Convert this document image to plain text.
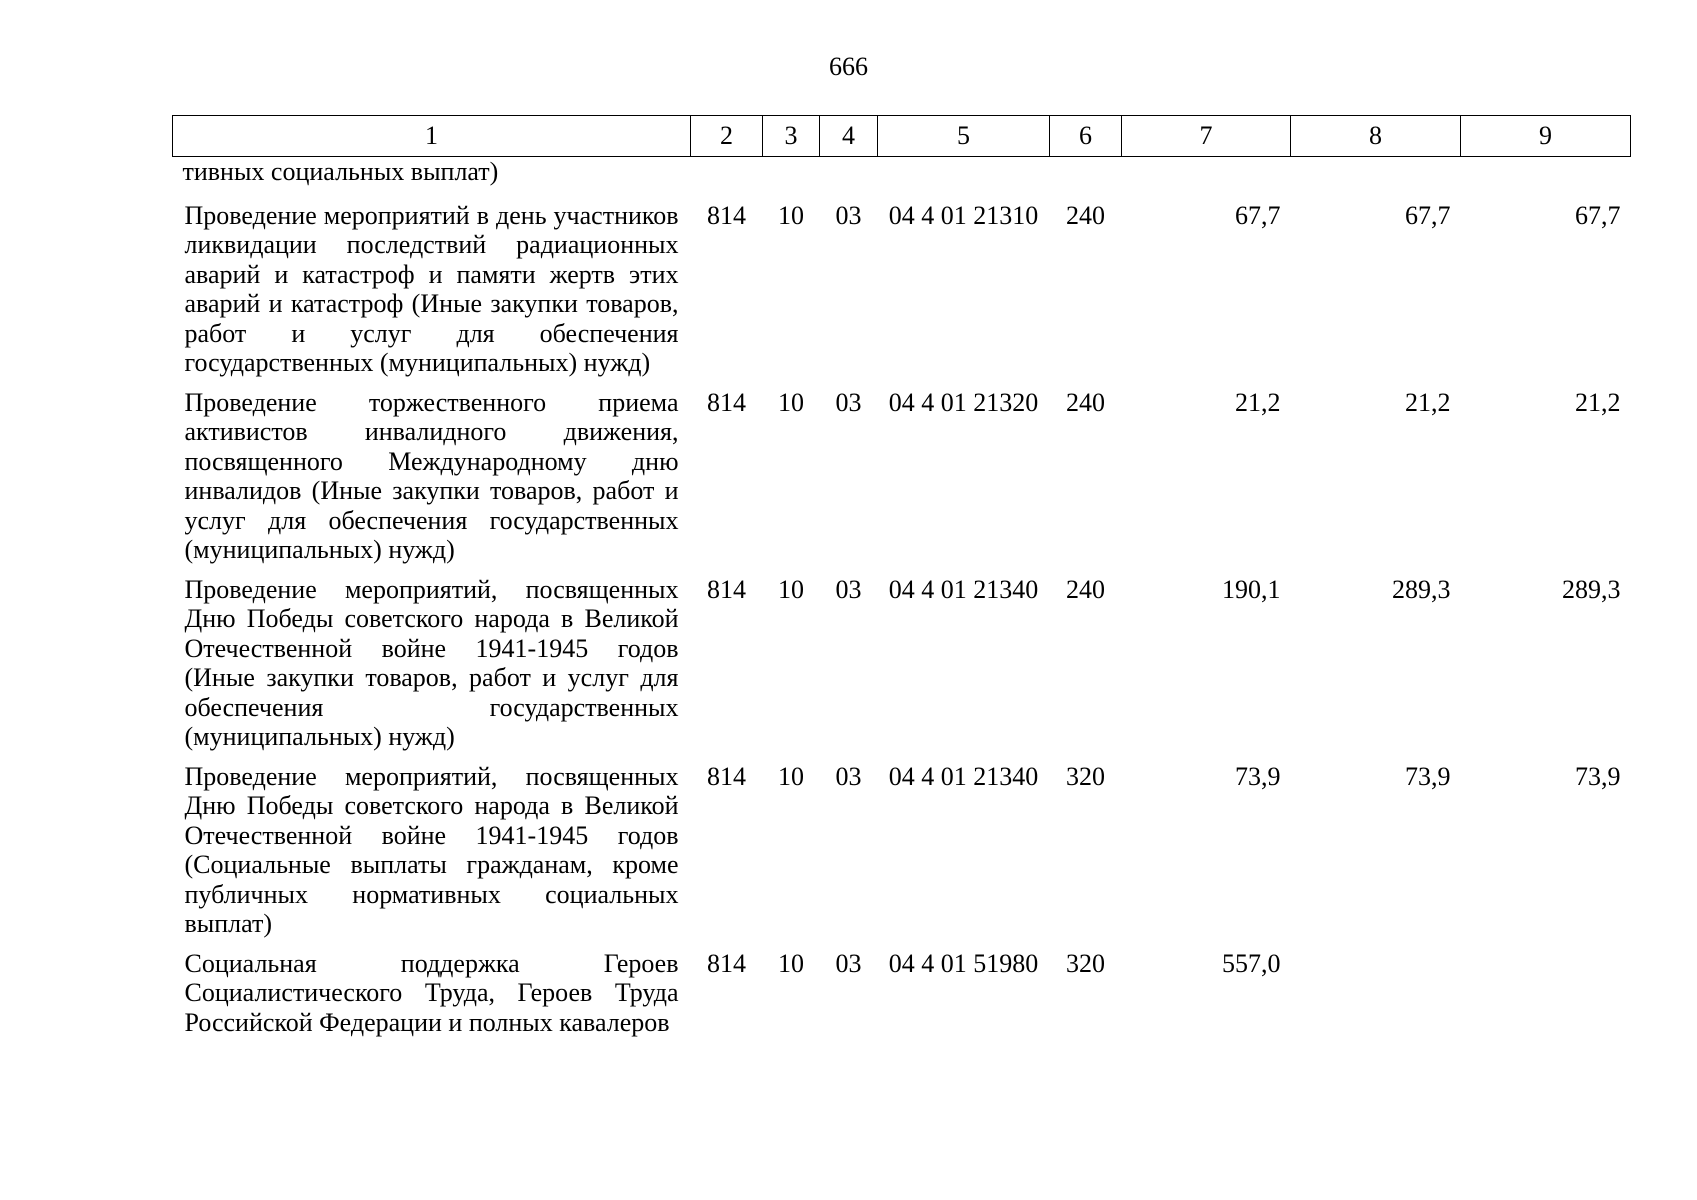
666
1	2	3	4	5	6	7	8	9
тивных социальных выплат)								
Проведение мероприятий в день участников ликвидации последствий радиационных аварий и катастроф и памяти жертв этих аварий и катастроф (Иные закупки товаров, работ и услуг для обеспечения государственных (муниципальных) нужд)	814	10	03	04 4 01 21310	240	67,7	67,7	67,7
Проведение торжественного приема активистов инвалидного движения, посвященного Международному дню инвалидов (Иные закупки товаров, работ и услуг для обеспечения государственных (муниципальных) нужд)	814	10	03	04 4 01 21320	240	21,2	21,2	21,2
Проведение мероприятий, посвященных Дню Победы советского народа в Великой Отечественной войне 1941-1945 годов (Иные закупки товаров, работ и услуг для обеспечения государственных (муниципальных) нужд)	814	10	03	04 4 01 21340	240	190,1	289,3	289,3
Проведение мероприятий, посвященных Дню Победы советского народа в Великой Отечественной войне 1941-1945 годов (Социальные выплаты гражданам, кроме публичных нормативных социальных выплат)	814	10	03	04 4 01 21340	320	73,9	73,9	73,9
Социальная поддержка Героев Социалистического Труда, Героев Труда Российской Федерации и полных кавалеров	814	10	03	04 4 01 51980	320	557,0		
